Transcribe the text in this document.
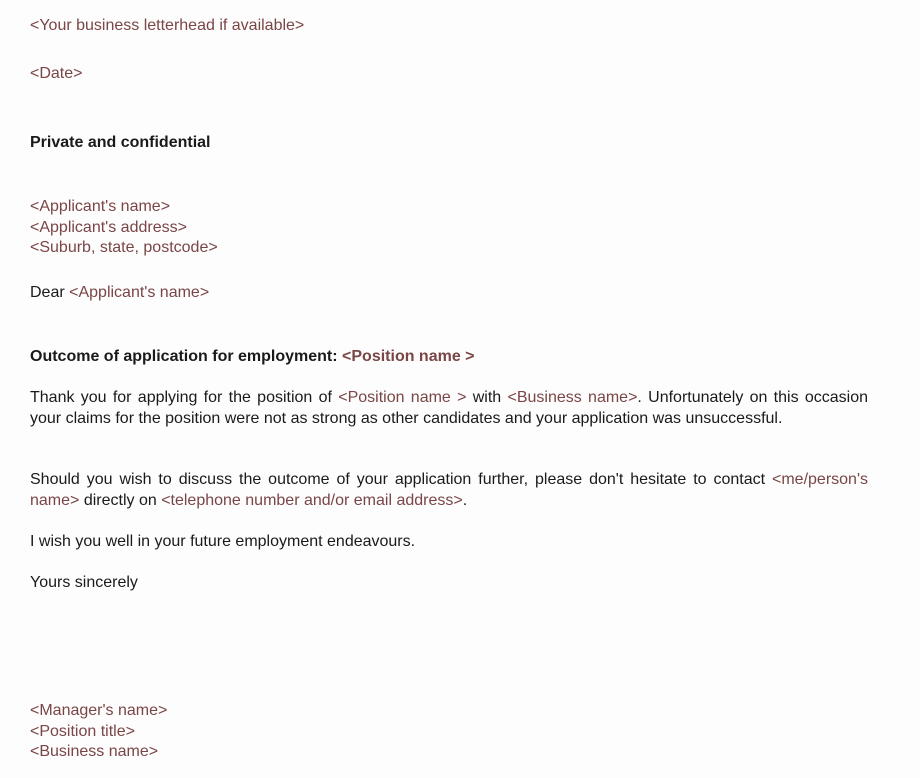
<Your business letterhead if available>
<Date>
Private and confidential
<Applicant's name>
<Applicant's address>
<Suburb, state, postcode>
Dear <Applicant's name>
Outcome of application for employment: <Position name >
Thank you for applying for the position of <Position name > with <Business name>. Unfortunately on this occasion your claims for the position were not as strong as other candidates and your application was unsuccessful.
Should you wish to discuss the outcome of your application further, please don't hesitate to contact <me/person's name> directly on <telephone number and/or email address>.
I wish you well in your future employment endeavours.
Yours sincerely
<Manager's name>
<Position title>
<Business name>
